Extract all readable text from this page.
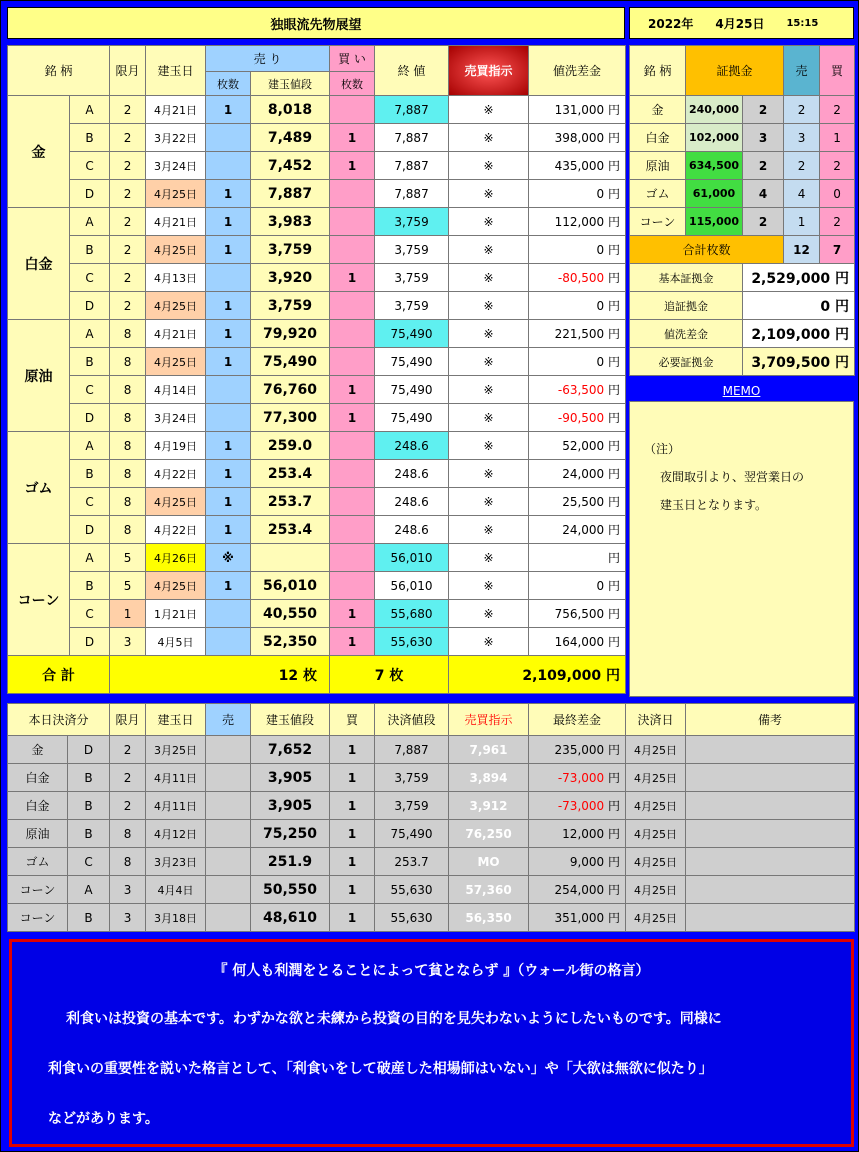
独眼流先物展望	2022年 4月25日 15:15
銘 柄		限月	建玉日	売 り		買 い	終 値	売買指示	値洗差金
				枚数	建玉値段	枚数			
金	A	2	4月21日	1	8,018		7,887	※	131,000 円
	B	2	3月22日		7,489	1	7,887	※	398,000 円
	C	2	3月24日		7,452	1	7,887	※	435,000 円
	D	2	4月25日	1	7,887		7,887	※	0 円
白金	A	2	4月21日	1	3,983		3,759	※	112,000 円
	B	2	4月25日	1	3,759		3,759	※	0 円
	C	2	4月13日		3,920	1	3,759	※	-80,500 円
	D	2	4月25日	1	3,759		3,759	※	0 円
原油	A	8	4月21日	1	79,920		75,490	※	221,500 円
	B	8	4月25日	1	75,490		75,490	※	0 円
	C	8	4月14日		76,760	1	75,490	※	-63,500 円
	D	8	3月24日		77,300	1	75,490	※	-90,500 円
ゴム	A	8	4月19日	1	259.0		248.6	※	52,000 円
	B	8	4月22日	1	253.4		248.6	※	24,000 円
	C	8	4月25日	1	253.7		248.6	※	25,500 円
	D	8	4月22日	1	253.4		248.6	※	24,000 円
コーン	A	5	4月26日	※			56,010	※	円
	B	5	4月25日	1	56,010		56,010	※	0 円
	C	1	1月21日		40,550	1	55,680	※	756,500 円
	D	3	4月5日		52,350	1	55,630	※	164,000 円
合 計		12 枚				7 枚		2,109,000 円	
銘 柄	証拠金		売	買
金	240,000	2	2	2
白金	102,000	3	3	1
原油	634,500	2	2	2
ゴム	61,000	4	4	0
コーン	115,000	2	1	2
合計枚数			12	7
基本証拠金		2,529,000 円		
追証拠金		0 円		
値洗差金		2,109,000 円		
必要証拠金		3,709,500 円		
MEMO
（注）
夜間取引より、翌営業日の
建玉日となります。
本日決済分		限月	建玉日	売	建玉値段	買	決済値段	売買指示	最終差金	決済日	備考
金	D	2	3月25日		7,652	1	7,887	7,961	235,000 円	4月25日	
白金	B	2	4月11日		3,905	1	3,759	3,894	-73,000 円	4月25日	
白金	B	2	4月11日		3,905	1	3,759	3,912	-73,000 円	4月25日	
原油	B	8	4月12日		75,250	1	75,490	76,250	12,000 円	4月25日	
ゴム	C	8	3月23日		251.9	1	253.7	MO	9,000 円	4月25日	
コーン	A	3	4月4日		50,550	1	55,630	57,360	254,000 円	4月25日	
コーン	B	3	3月18日		48,610	1	55,630	56,350	351,000 円	4月25日	

『 何人も利潤をとることによって貧とならず 』（ウォール街の格言）

利食いは投資の基本です。わずかな欲と未練から投資の目的を見失わないようにしたいものです。同様に

利食いの重要性を説いた格言として、「利食いをして破産した相場師はいない」や「大欲は無欲に似たり」

などがあります。
